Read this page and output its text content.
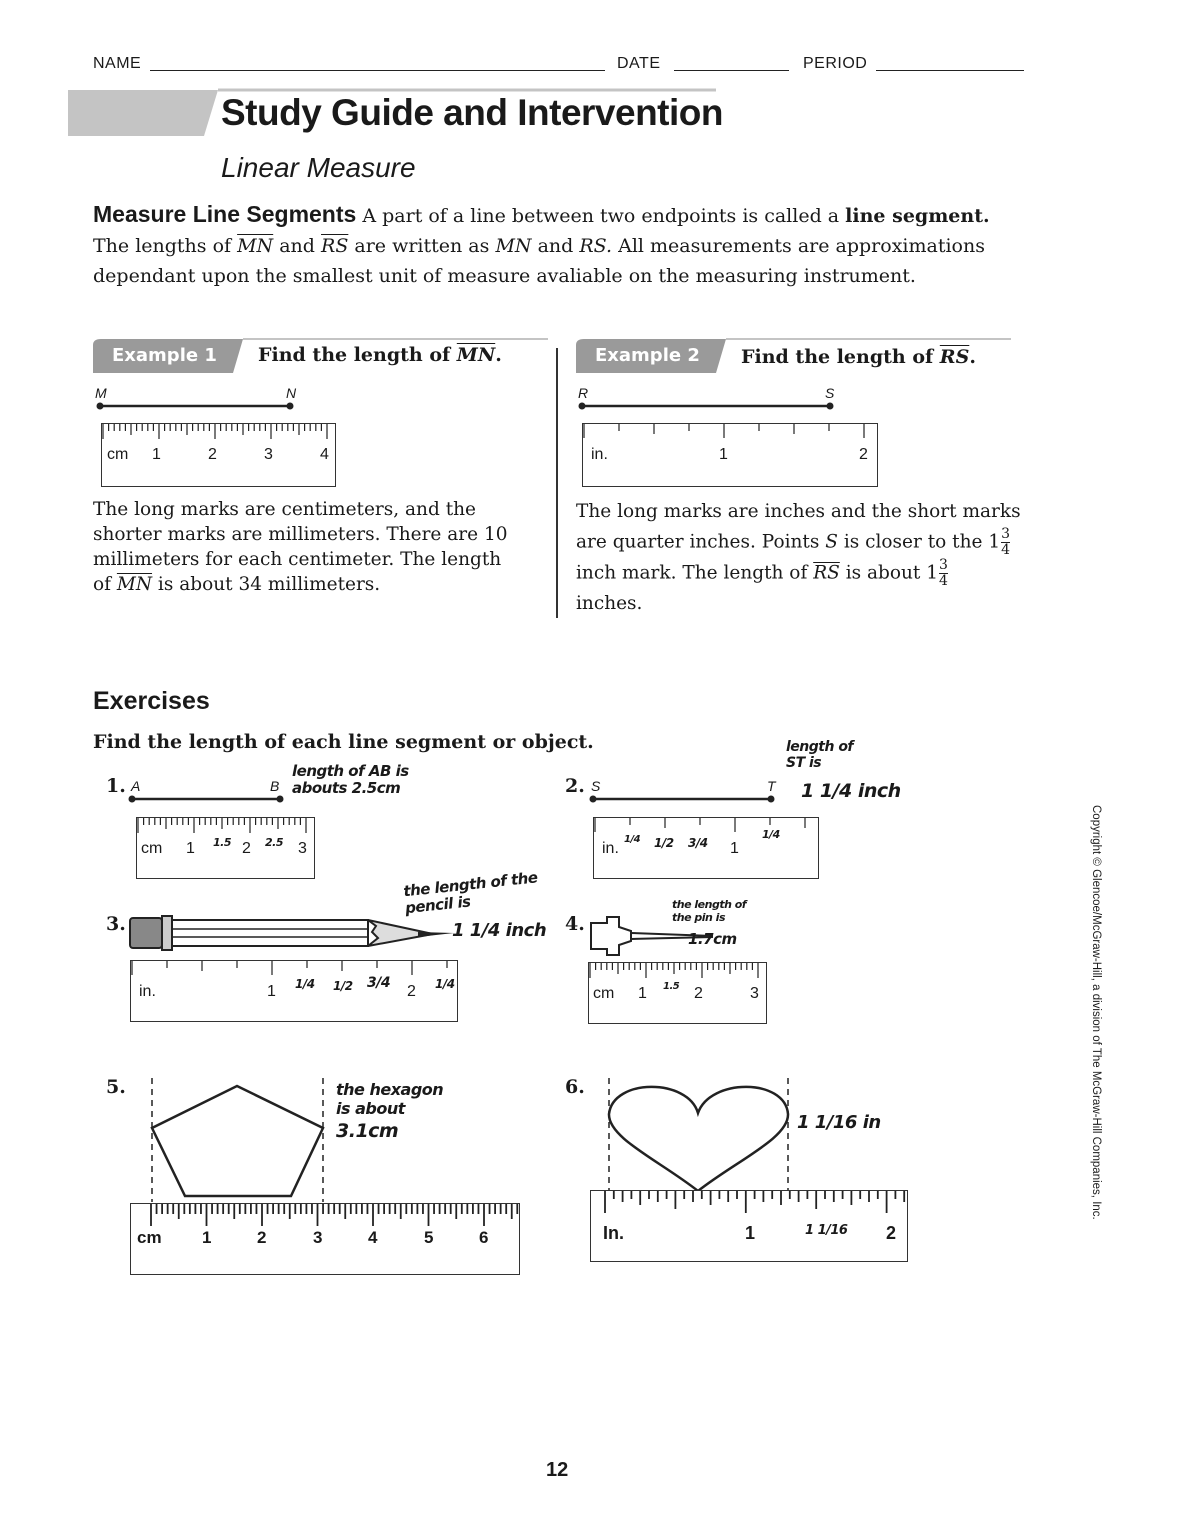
NAME	DATE	PERIOD
Study Guide and Intervention
Linear Measure
Measure Line Segments A part of a line between two endpoints is called a line segment. The lengths of $\overline{MN}$ and $\overline{RS}$ are written as MN and RS. All measurements are approximations dependant upon the smallest unit of measure avaliable on the measuring instrument.
Example 1 Find the length of $\overline{MN}$.
M	N
cm 1	2	3	4
The long marks are centimeters, and the shorter marks are millimeters. There are 10 millimeters for each centimeter. The length of $\overline{MN}$ is about 34 millimeters.
Example 2 Find the length of $\overline{RS}$.
R	S
in.	1	2
The long marks are inches and the short marks are quarter inches. Points S is closer to the $1 \frac{3}{4}$
inch mark. The length of $\overline{RS}$ is about $1 \frac{3}{4}$
inches.
Exercises
Find the length of each line segment or object.
1. A	B
length of AB is abouts 2.5cm
cm 1	2	3
1.5	2.5
2. S	T
length of ST is
1 1/4 inch
in.	1
1/4 1/2 3/4
1/4
3.
the length of the pencil is
1 1/4 inch
in.	1	2
1/4 1/2 3/4	1/4
4.
the length of the pin is
1.7cm
cm 1	2	3
1.5
5.	the hexagon is about
3.1cm
cm 1	2	3	4	5	6
6.
1 1/16 in
In.	1	2
1 1/16
Copyright © Glencoe/McGraw-Hill, a division of The McGraw-Hill Companies, Inc.
12
